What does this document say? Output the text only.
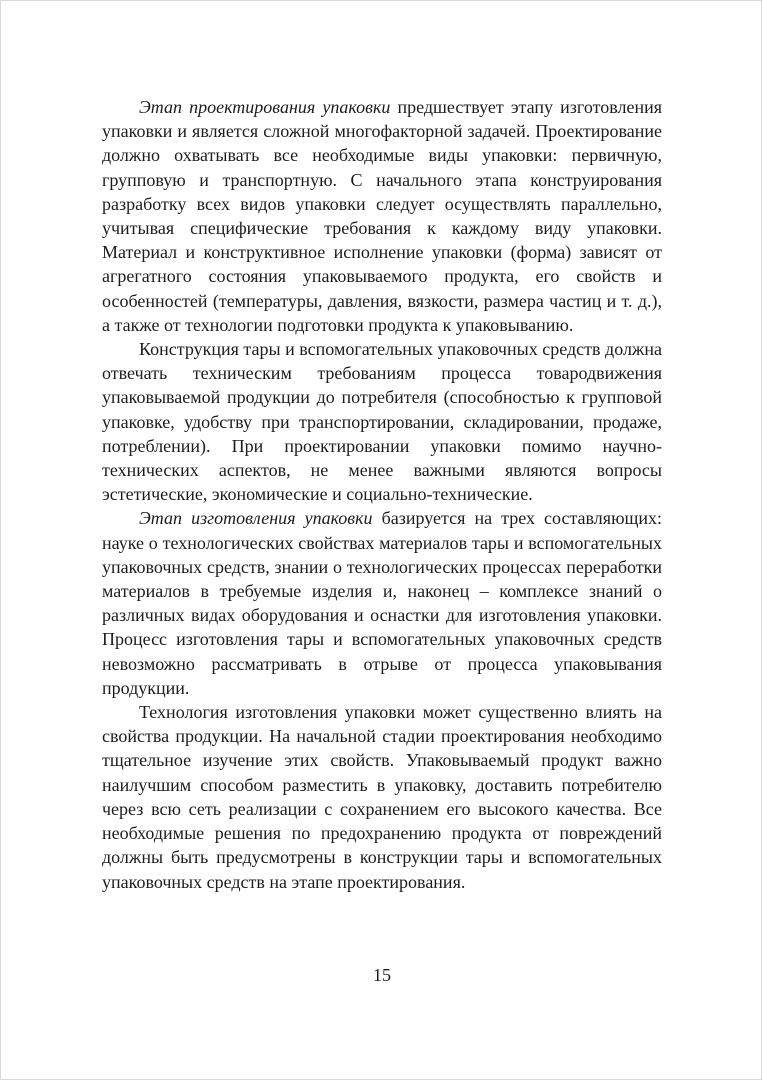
Этап проектирования упаковки предшествует этапу изготовления упаковки и является сложной многофакторной задачей. Проектирование должно охватывать все необходимые виды упаковки: первичную, групповую и транспортную. С начального этапа конструирования разработку всех видов упаковки следует осуществлять параллельно, учитывая специфические требования к каждому виду упаковки. Материал и конструктивное исполнение упаковки (форма) зависят от агрегатного состояния упаковываемого продукта, его свойств и особенностей (температуры, давления, вязкости, размера частиц и т. д.), а также от технологии подготовки продукта к упаковыванию.

Конструкция тары и вспомогательных упаковочных средств должна отвечать техническим требованиям процесса товародвижения упаковываемой продукции до потребителя (способностью к групповой упаковке, удобству при транспортировании, складировании, продаже, потреблении). При проектировании упаковки помимо научно-технических аспектов, не менее важными являются вопросы эстетические, экономические и социально-технические.

Этап изготовления упаковки базируется на трех составляющих: науке о технологических свойствах материалов тары и вспомогательных упаковочных средств, знании о технологических процессах переработки материалов в требуемые изделия и, наконец – комплексе знаний о различных видах оборудования и оснастки для изготовления упаковки. Процесс изготовления тары и вспомогательных упаковочных средств невозможно рассматривать в отрыве от процесса упаковывания продукции.

Технология изготовления упаковки может существенно влиять на свойства продукции. На начальной стадии проектирования необходимо тщательное изучение этих свойств. Упаковываемый продукт важно наилучшим способом разместить в упаковку, доставить потребителю через всю сеть реализации с сохранением его высокого качества. Все необходимые решения по предохранению продукта от повреждений должны быть предусмотрены в конструкции тары и вспомогательных упаковочных средств на этапе проектирования.

15
